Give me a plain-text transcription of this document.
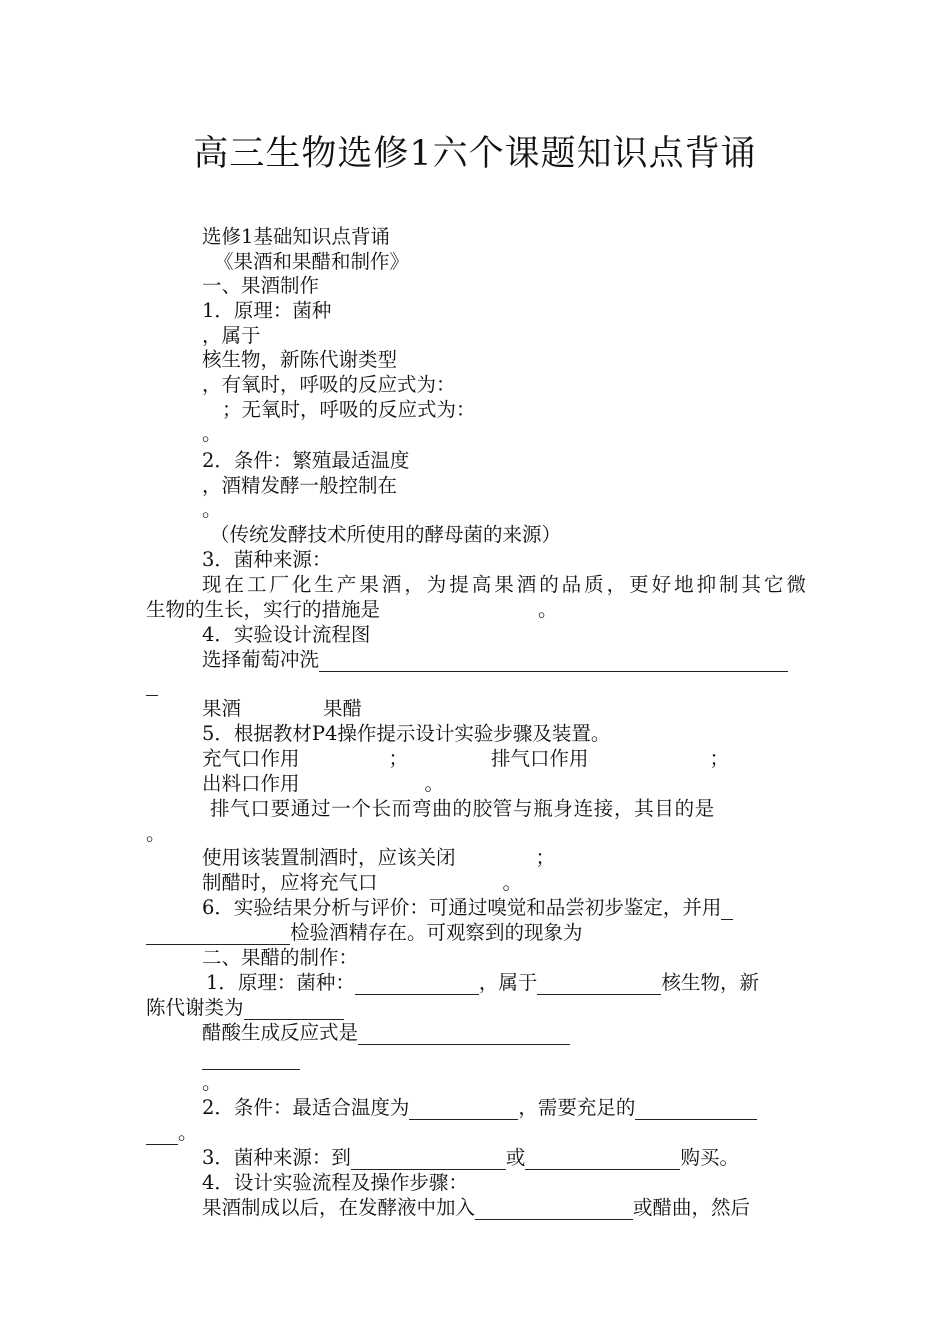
高三生物选修1六个课题知识点背诵
选修1基础知识点背诵
《果酒和果醋和制作》
一、果酒制作
1．原理：菌种
，属于
核生物，新陈代谢类型
，有氧时，呼吸的反应式为：
；无氧时，呼吸的反应式为：
。
2．条件：繁殖最适温度
，酒精发酵一般控制在
。
（传统发酵技术所使用的酵母菌的来源）
3．菌种来源：
现在工厂化生产果酒，为提高果酒的品质，更好地抑制其它微
生物的生长，实行的措施是	。
4．实验设计流程图
选择葡萄冲洗
果酒	果醋
5．根据教材P4操作提示设计实验步骤及装置。
充气口作用	；	排气口作用	；
出料口作用	。
排气口要通过一个长而弯曲的胶管与瓶身连接，其目的是
。
使用该装置制酒时，应该关闭	；
制醋时，应将充气口	。
6．实验结果分析与评价：可通过嗅觉和品尝初步鉴定，并用
检验酒精存在。可观察到的现象为
二、果醋的制作：
1．原理：菌种：	，属于	核生物，新
陈代谢类为
醋酸生成反应式是
。
2．条件：最适合温度为	，需要充足的
。
3．菌种来源：到	或	购买。
4．设计实验流程及操作步骤：
果酒制成以后，在发酵液中加入	或醋曲，然后
